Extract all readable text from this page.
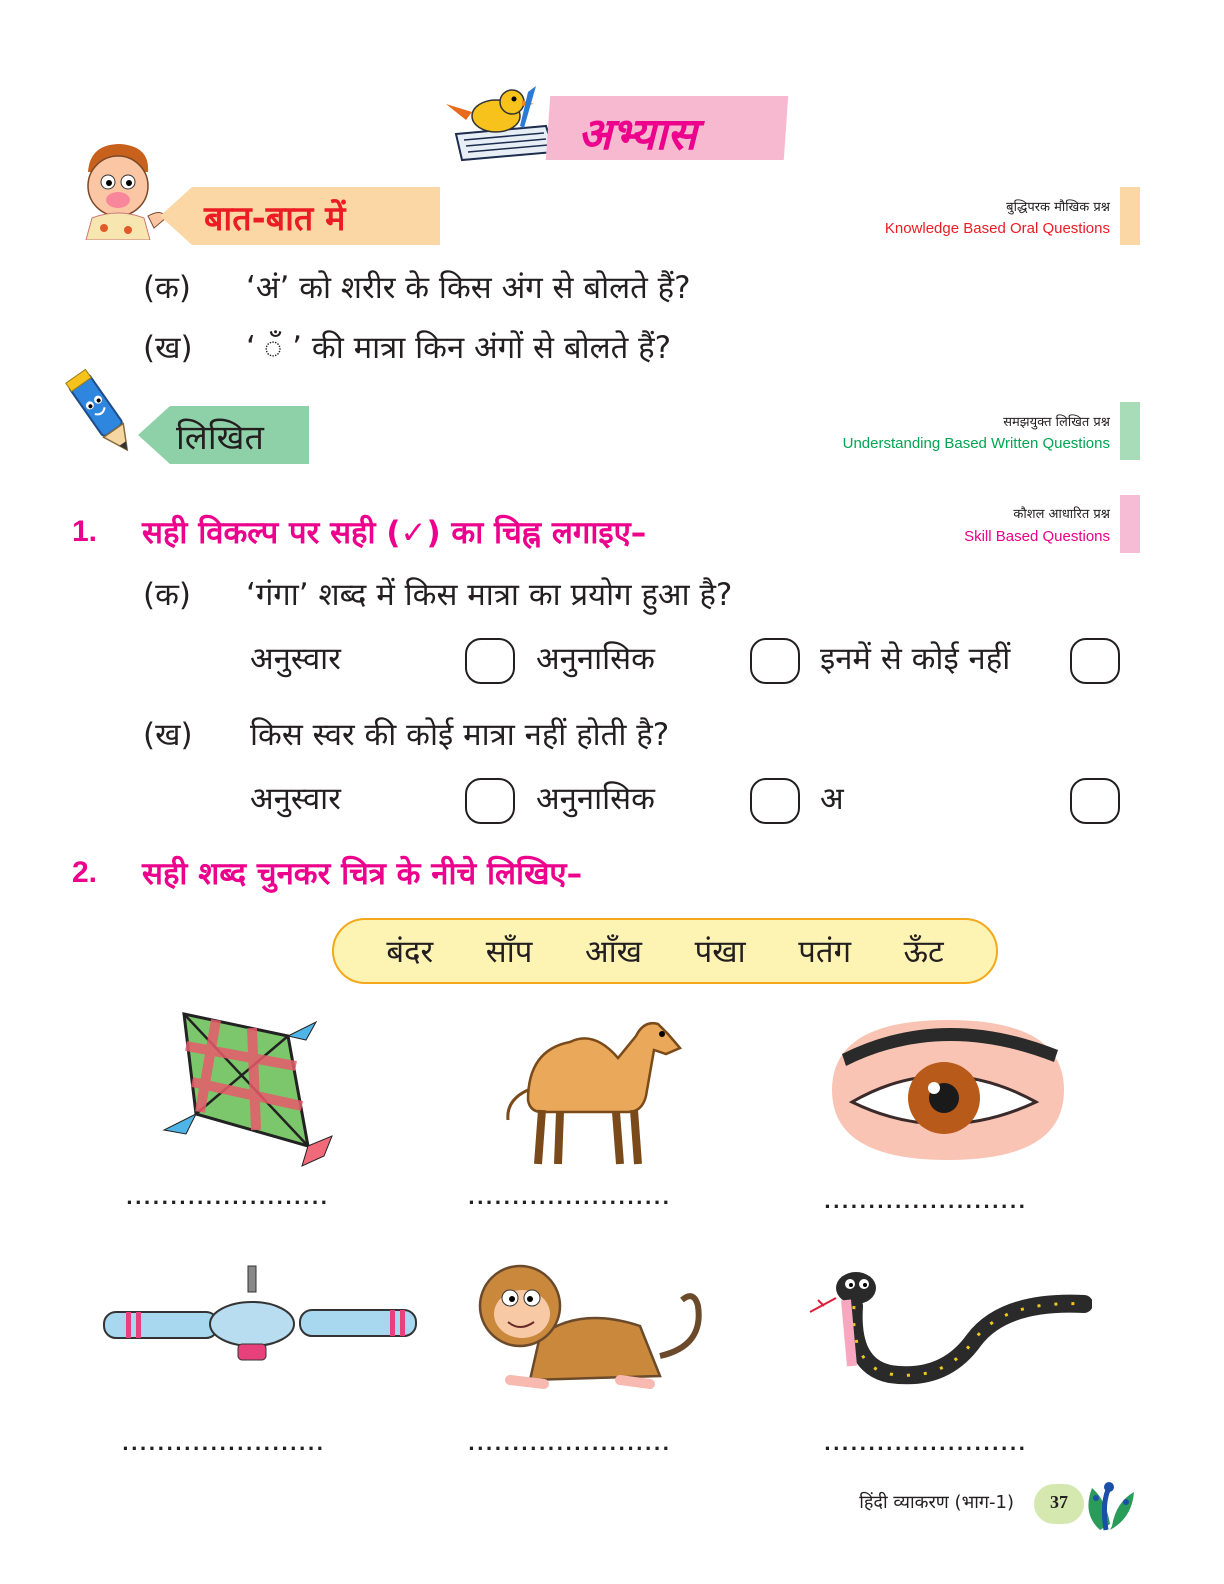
अभ्यास
बात-बात में	बुद्धिपरक मौखिक प्रश्न
Knowledge Based Oral Questions
(क) ‘अं’ को शरीर के किस अंग से बोलते हैं?
(ख) ‘ ँ ’ की मात्रा किन अंगों से बोलते हैं?
लिखित	समझयुक्त लिखित प्रश्न
Understanding Based Written Questions
कौशल आधारित प्रश्न
Skill Based Questions
1. सही विकल्प पर सही (✓) का चिह्न लगाइए–
(क) ‘गंगा’ शब्द में किस मात्रा का प्रयोग हुआ है?
अनुस्वार	अनुनासिक	इनमें से कोई नहीं
(ख) किस स्वर की कोई मात्रा नहीं होती है?
अनुस्वार	अनुनासिक	अ
2. सही शब्द चुनकर चित्र के नीचे लिखिए–
बंदर साँप आँख पंखा पतंग ऊँट
.......................	.......................	.......................
.......................	.......................	.......................
हिंदी व्याकरण (भाग-1)	37
